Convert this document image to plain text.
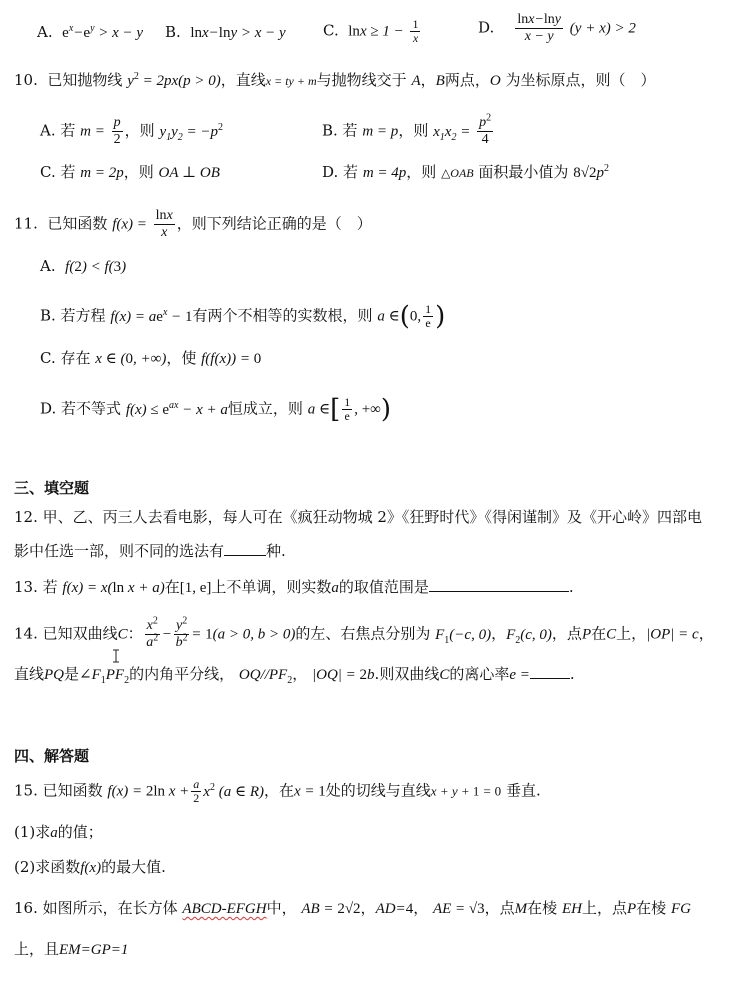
A. $e^x-e^y > x - y$ B. lnx−lny > x − y C. $\ln x \ge 1 - \frac{1}{x}$	D. $\frac{\ln x-\ln y}{x - y} (y + x) > 2$
10. 已知抛物线 $y^2 = 2px(p > 0)$，直线x = ty + m与抛物线交于 A，B两点，O 为坐标原点，则（　）
A. 若 $m = \frac{p}{2}$ ，则 $y_1y_2 = -p^2$	B. 若 m = p，则 $x_1x_2 = \frac{p^2}{4}$
C. 若 m = 2p，则 OA ⊥ OB	D. 若 m = 4p，则 △OAB 面积最小值为 $8√2p^2$
11. 已知函数 $f(x) = \frac{\ln x}{x}$ ，则下列结论正确的是（　）
A. f(2) < f(3)
B. 若方程 $f(x) = ae^x - 1$有两个不相等的实数根，则 a ∈(0, $\frac{1}{e}$ )
C. 存在 x ∈ (0, +∞)，使 f(f(x)) = 0
D. 若不等式 $f(x) \le e^{ax} - x + a$恒成立，则 a ∈[ $\frac{1}{e}$ , +∞)
三、填空题
12. 甲、乙、丙三人去看电影，每人可在《疯狂动物城 2》《狂野时代》《得闲谨制》及《开心岭》四部电
影中任选一部，则不同的选法有	种.
13. 若 f(x) = x(ln x + a)在[1, e]上不单调，则实数a的取值范围是	.
14. 已知双曲线C： $\frac{x^2}{a^2} - \frac{y^2}{b^2} = 1(a > 0$, b > 0)的左、右焦点分别为 $F_1(-c$, 0)，$F_2(c$, 0)，点P在C上，|OP| = c，
直线PQ是$\angle F_1PF_2$的内角平分线， $OQ//PF_2$， |OQ| = 2b.则双曲线C的离心率e =	.
四、解答题
15. 已知函数 f(x) = 2ln $x + \frac{a}{2} x^2$ (a ∈ R)，在x = 1处的切线与直线x + y + 1 = 0 垂直.
(1)求a的值；
(2)求函数f(x)的最大值.
16. 如图所示，在长方体 ABCD-EFGH中， AB = 2√2，AD=4， AE = √3，点M在棱 EH上，点P在棱 FG
上，且EM=GP=1
